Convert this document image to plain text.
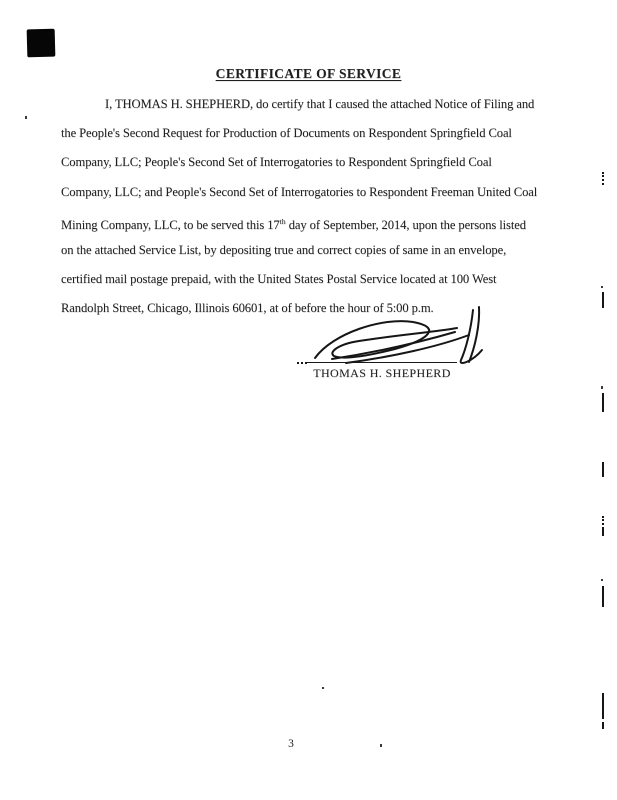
CERTIFICATE OF SERVICE
I, THOMAS H. SHEPHERD, do certify that I caused the attached Notice of Filing and
the People's Second Request for Production of Documents on Respondent Springfield Coal
Company, LLC; People's Second Set of Interrogatories to Respondent Springfield Coal
Company, LLC; and People's Second Set of Interrogatories to Respondent Freeman United Coal
Mining Company, LLC, to be served this 17th day of September, 2014, upon the persons listed
on the attached Service List, by depositing true and correct copies of same in an envelope,
certified mail postage prepaid, with the United States Postal Service located at 100 West
Randolph Street, Chicago, Illinois 60601, at of before the hour of 5:00 p.m.
THOMAS H. SHEPHERD
3
